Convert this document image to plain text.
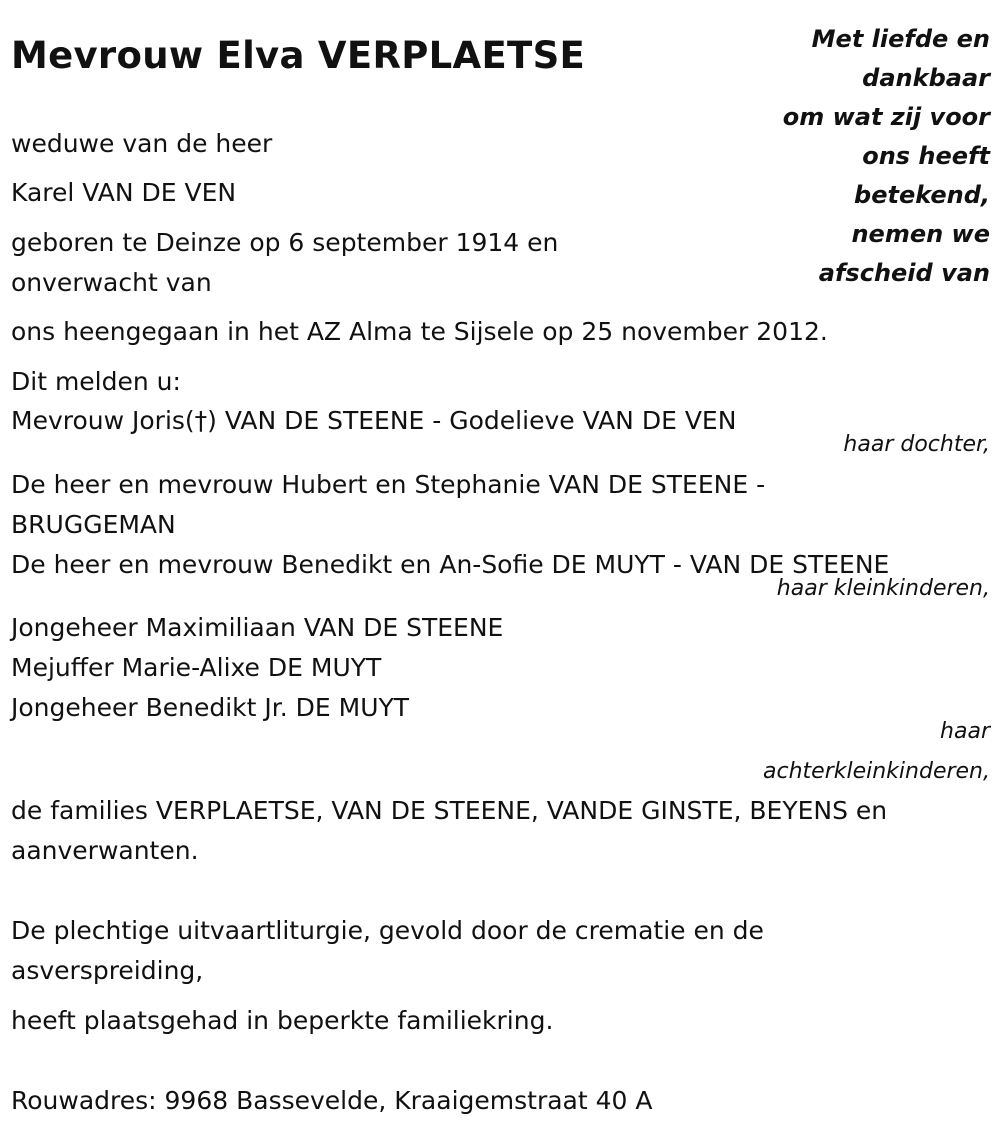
Mevrouw Elva VERPLAETSE	Met liefde en
dankbaar
om wat zij voor
ons heeft
betekend,
nemen we
afscheid van
weduwe van de heer
Karel VAN DE VEN
geboren te Deinze op 6 september 1914 en
onverwacht van
ons heengegaan in het AZ Alma te Sijsele op 25 november 2012.
Dit melden u:
Mevrouw Joris(†) VAN DE STEENE - Godelieve VAN DE VEN
haar dochter,
De heer en mevrouw Hubert en Stephanie VAN DE STEENE -
BRUGGEMAN
De heer en mevrouw Benedikt en An-Sofie DE MUYT - VAN DE STEENE
haar kleinkinderen,
Jongeheer Maximiliaan VAN DE STEENE
Mejuffer Marie-Alixe DE MUYT
Jongeheer Benedikt Jr. DE MUYT
haar
achterkleinkinderen,
de families VERPLAETSE, VAN DE STEENE, VANDE GINSTE, BEYENS en
aanverwanten.
De plechtige uitvaartliturgie, gevold door de crematie en de
asverspreiding,
heeft plaatsgehad in beperkte familiekring.
Rouwadres: 9968 Bassevelde, Kraaigemstraat 40 A
